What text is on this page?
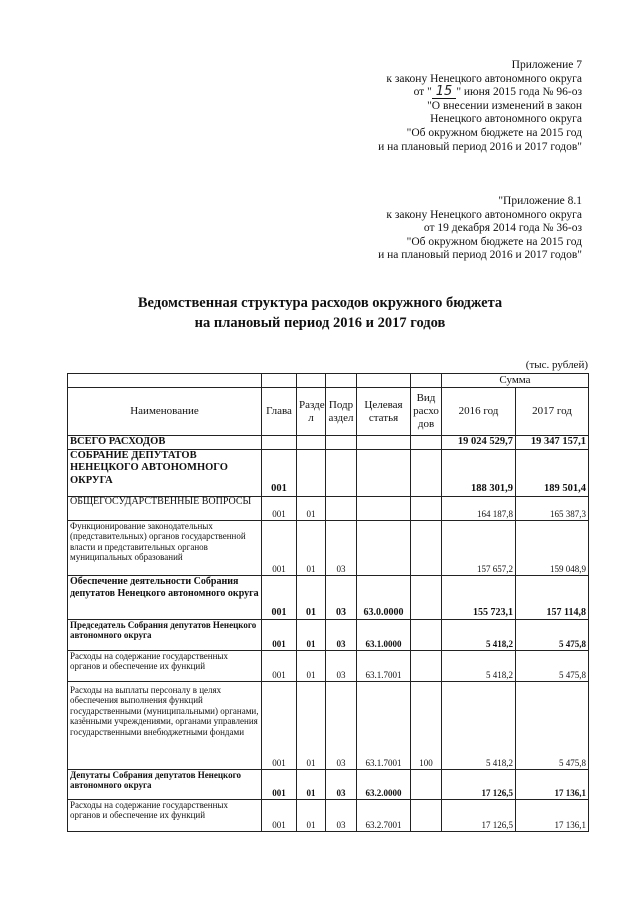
Приложение 7
к закону Ненецкого автономного округа
от " 15 " июня 2015 года № 96-оз
"О внесении изменений в закон
Ненецкого автономного округа
"Об окружном бюджете на 2015 год
и на плановый период 2016 и 2017 годов"
"Приложение 8.1
к закону Ненецкого автономного округа
от 19 декабря 2014 года № 36-оз
"Об окружном бюджете на 2015 год
и на плановый период 2016 и 2017 годов"
Ведомственная структура расходов окружного бюджета
на плановый период 2016 и 2017 годов
(тыс. рублей)
						Сумма	
Наименование	Глава	Разде л	Подр аздел	Целевая статья	Вид расхо дов	2016 год	2017 год
ВСЕГО РАСХОДОВ						19 024 529,7	19 347 157,1
СОБРАНИЕ ДЕПУТАТОВ НЕНЕЦКОГО АВТОНОМНОГО ОКРУГА	001					188 301,9	189 501,4
ОБЩЕГОСУДАРСТВЕННЫЕ ВОПРОСЫ	001	01				164 187,8	165 387,3
Функционирование законодательных (представительных) органов государственной власти и представительных органов муниципальных образований	001	01	03			157 657,2	159 048,9
Обеспечение деятельности Собрания депутатов Ненецкого автономного округа	001	01	03	63.0.0000		155 723,1	157 114,8
Председатель Собрания депутатов Ненецкого автономного округа	001	01	03	63.1.0000		5 418,2	5 475,8
Расходы на содержание государственных органов и обеспечение их функций	001	01	03	63.1.7001		5 418,2	5 475,8
Расходы на выплаты персоналу в целях обеспечения выполнения функций государственными (муниципальными) органами, казёнными учреждениями, органами управления государственными внебюджетными фондами	001	01	03	63.1.7001	100	5 418,2	5 475,8
Депутаты Собрания депутатов Ненецкого автономного округа	001	01	03	63.2.0000		17 126,5	17 136,1
Расходы на содержание государственных органов и обеспечение их функций	001	01	03	63.2.7001		17 126,5	17 136,1
